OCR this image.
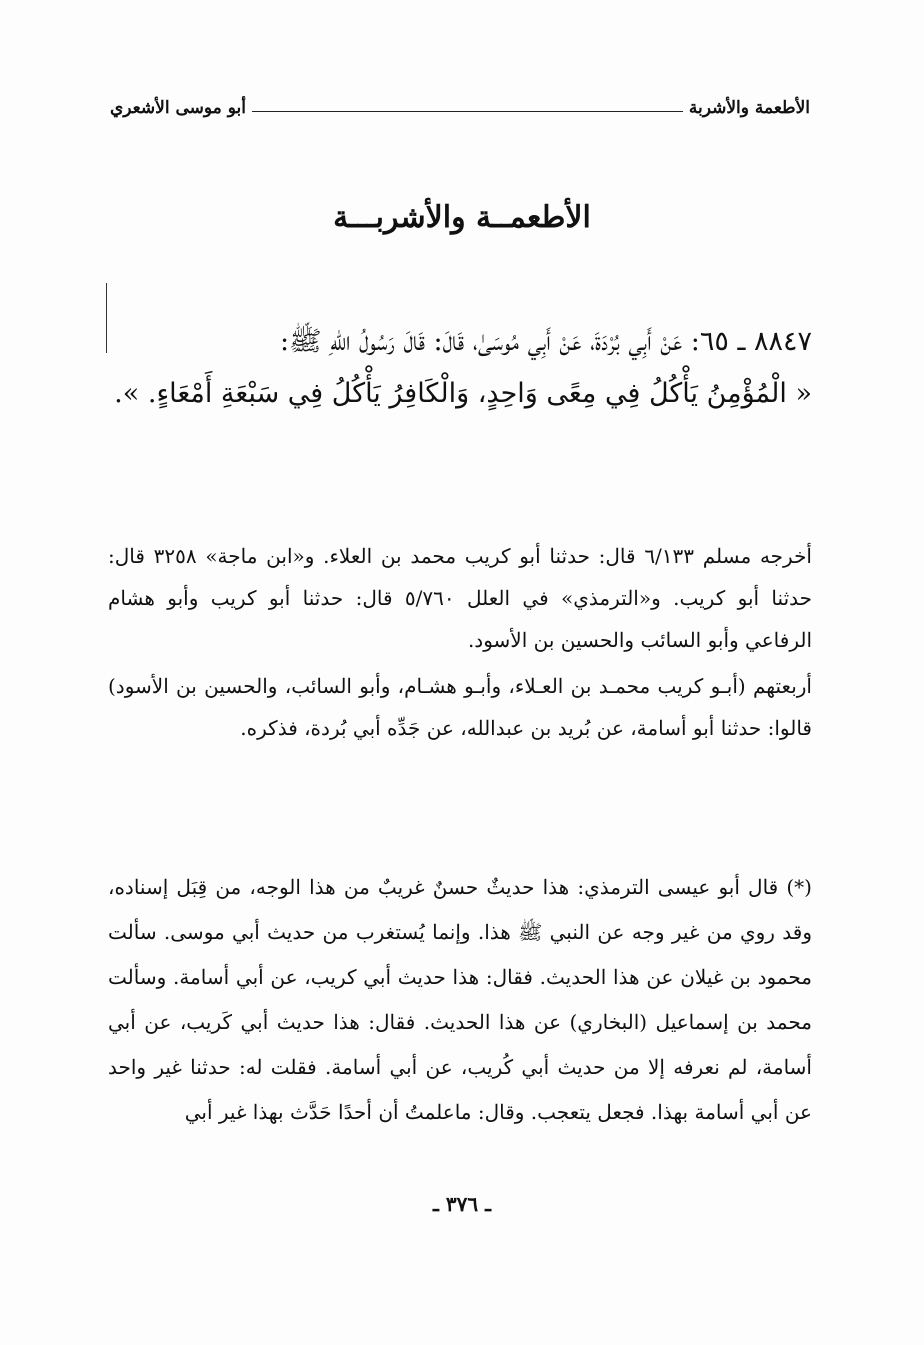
الأطعمة والأشربة
أبو موسى الأشعري
الأطعمــة والأشربـــة

٨٨٤٧ ـ ٦٥: عَنْ أَبِي بُرْدَةَ، عَنْ أَبِي مُوسَىٰ، قَالَ: قَالَ رَسُولُ اللهِ ﷺ:

« الْمُؤْمِنُ يَأْكُلُ فِي مِعًى وَاحِدٍ، وَالْكَافِرُ يَأْكُلُ فِي سَبْعَةِ أَمْعَاءٍ. ».

أخرجه مسلم ٦/١٣٣ قال: حدثنا أبو كريب محمد بن العلاء. و«ابن ماجة» ٣٢٥٨ قال: حدثنا أبو كريب. و«الترمذي» في العلل ٥/٧٦٠ قال: حدثنا أبو كريب وأبو هشام الرفاعي وأبو السائب والحسين بن الأسود.

أربعتهم (أبـو كريب محمـد بن العـلاء، وأبـو هشـام، وأبو السائب، والحسين بن الأسود) قالوا: حدثنا أبو أسامة، عن بُريد بن عبدالله، عن جَدِّه أبي بُردة، فذكره.

(*) قال أبو عيسى الترمذي: هذا حديثٌ حسنٌ غريبٌ من هذا الوجه، من قِبَل إسناده، وقد روي من غير وجه عن النبي ﷺ هذا. وإنما يُستغرب من حديث أبي موسى. سألت محمود بن غيلان عن هذا الحديث. فقال: هذا حديث أبي كريب، عن أبي أسامة. وسألت محمد بن إسماعيل (البخاري) عن هذا الحديث. فقال: هذا حديث أبي كَريب، عن أبي أسامة، لم نعرفه إلا من حديث أبي كُريب، عن أبي أسامة. فقلت له: حدثنا غير واحد عن أبي أسامة بهذا. فجعل يتعجب. وقال: ماعلمتُ أن أحدًا حَدَّث بهذا غير أبي

ـ ٣٧٦ ـ
